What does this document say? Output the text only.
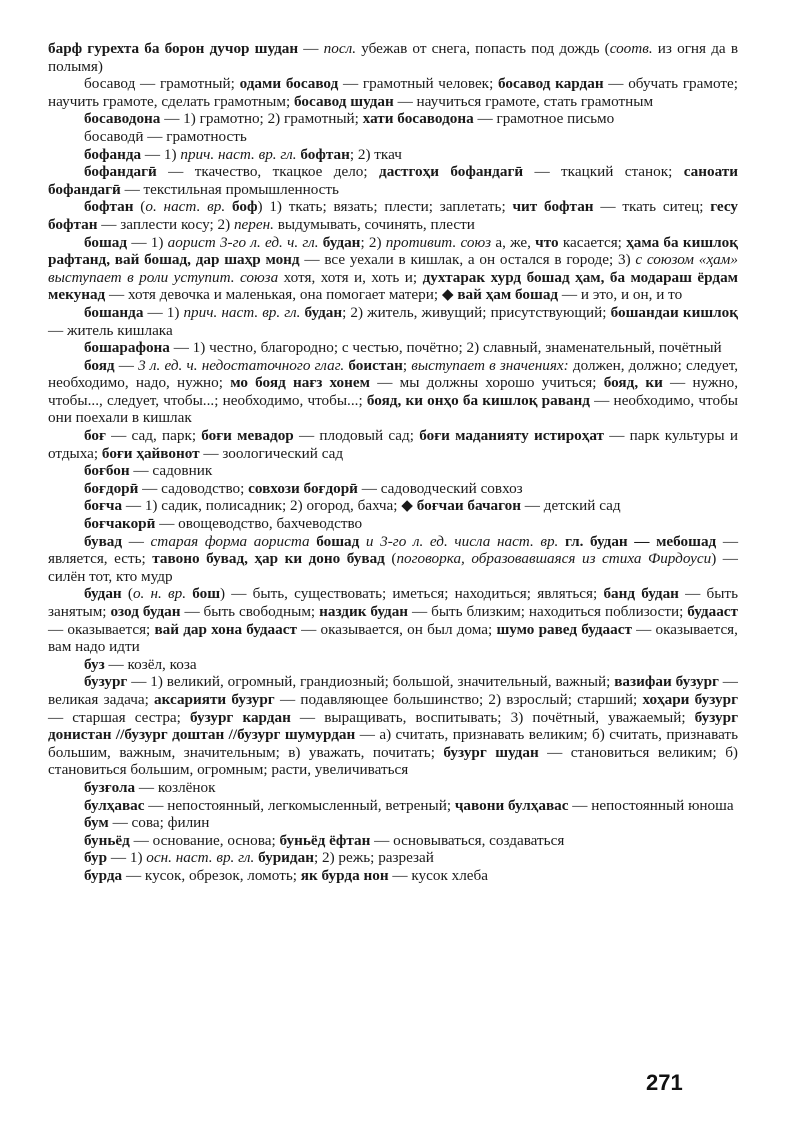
барф гурехта ба борон дучор шудан — посл. убежав от снега, попасть под дождь (соотв. из огня да в полымя)

босавод — грамотный; одами босавод — грамотный человек; босавод кардан — обучать грамоте; научить грамоте, сделать грамотным; босавод шудан — научиться грамоте, стать грамотным

босаводона — 1) грамотно; 2) грамотный; хати босаводона — грамотное письмо

босаводӣ — грамотность

бофанда — 1) прич. наст. вр. гл. бофтан; 2) ткач

бофандагӣ — ткачество, ткацкое дело; дастгоҳи бофандагӣ — ткацкий станок; саноати бофандагӣ — текстильная промышленность

бофтан (о. наст. вр. боф) 1) ткать; вязать; плести; заплетать; чит бофтан — ткать ситец; гесу бофтан — заплести косу; 2) перен. выдумывать, сочинять, плести

бошад — 1) аорист 3-го л. ед. ч. гл. будан; 2) противит. союз а, же, что касается; ҳама ба кишлоқ рафтанд, вай бошад, дар шаҳр монд — все уехали в кишлак, а он остался в городе; 3) с союзом «ҳам» выступает в роли уступит. союза хотя, хотя и, хоть и; духтарак хурд бошад ҳам, ба модараш ёрдам мекунад — хотя девочка и маленькая, она помогает матери; ◆ вай ҳам бошад — и это, и он, и то

бошанда — 1) прич. наст. вр. гл. будан; 2) житель, живущий; присутствующий; бошандаи кишлоқ — житель кишлака

бошарафона — 1) честно, благородно; с честью, почётно; 2) славный, знаменательный, почётный

бояд — 3 л. ед. ч. недостаточного глаг. боистан; выступает в значениях: должен, должно; следует, необходимо, надо, нужно; мо бояд нағз хонем — мы должны хорошо учиться; бояд, ки — нужно, чтобы..., следует, чтобы...; необходимо, чтобы...; бояд, ки онҳо ба кишлоқ раванд — необходимо, чтобы они поехали в кишлак

боғ — сад, парк; боғи мевадор — плодовый сад; боғи маданияту истироҳат — парк культуры и отдыха; боғи ҳайвонот — зоологический сад

боғбон — садовник

боғдорӣ — садоводство; совхози боғдорӣ — садоводческий совхоз

боғча — 1) садик, полисадник; 2) огород, бахча; ◆ боғчаи бачагон — детский сад

боғчакорӣ — овощеводство, бахчеводство

бувад — старая форма аориста бошад и 3-го л. ед. числа наст. вр. гл. будан — мебошад — является, есть; тавоно бувад, ҳар ки доно бувад (поговорка, образовавшаяся из стиха Фирдоуси) — силён тот, кто мудр

будан (о. н. вр. бош) — быть, существовать; иметься; находиться; являться; банд будан — быть занятым; озод будан — быть свободным; наздик будан — быть близким; находиться поблизости; будааст — оказывается; вай дар хона будааст — оказывается, он был дома; шумо равед будааст — оказывается, вам надо идти

буз — козёл, коза

бузург — 1) великий, огромный, грандиозный; большой, значительный, важный; вазифаи бузург — великая задача; аксарияти бузург — подавляющее большинство; 2) взрослый; старший; хоҳари бузург — старшая сестра; бузург кардан — выращивать, воспитывать; 3) почётный, уважаемый; бузург донистан //бузург доштан //бузург шумурдан — а) считать, признавать великим; б) считать, признавать большим, важным, значительным; в) уважать, почитать; бузург шудан — становиться великим; б) становиться большим, огромным; расти, увеличиваться

бузғола — козлёнок

булҳавас — непостоянный, легкомысленный, ветреный; ҷавони булҳавас — непостоянный юноша

бум — сова; филин

буньёд — основание, основа; буньёд ёфтан — основываться, создаваться

бур — 1) осн. наст. вр. гл. буридан; 2) режь; разрезай

бурда — кусок, обрезок, ломоть; як бурда нон — кусок хлеба

271
